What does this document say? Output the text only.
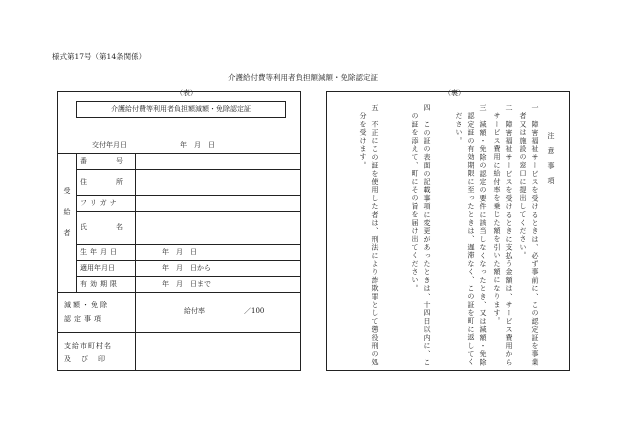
様式第17号（第14条関係）
介護給付費等利用者負担額減額・免除認定証
（表）	（裏）
介護給付費等利用者負担額減額・免除認定証
交付年月日	年　月　日
受給者
番　号
住　所
フリガナ
氏　名
生年月日	年　月　日
適用年月日	年　月　日から
有効期限	年　月　日まで
減額・免除
認定事項
給付率	／100
支給市町村名
及び印
注意事項
一　障害福祉サービスを受けるときは、必ず事前に、この認定証を事業
者又は施設の窓口に提出してください。
二　障害福祉サービスを受けるときに支払う金額は、サービス費用から
サービス費用に給付率を乗じた額を引いた額になります。
三　減額・免除の認定の要件に該当しなくなったとき、又は減額・免除
認定証の有効期限に至ったときは、遅滞なく、この証を町に返してく
ださい。
四　この証の表面の記載事項に変更があったときは、十四日以内に、こ
の証を添えて、町にその旨を届け出てください。
五　不正にこの証を使用した者は、刑法により詐欺罪として懲役刑の処
分を受けます。
